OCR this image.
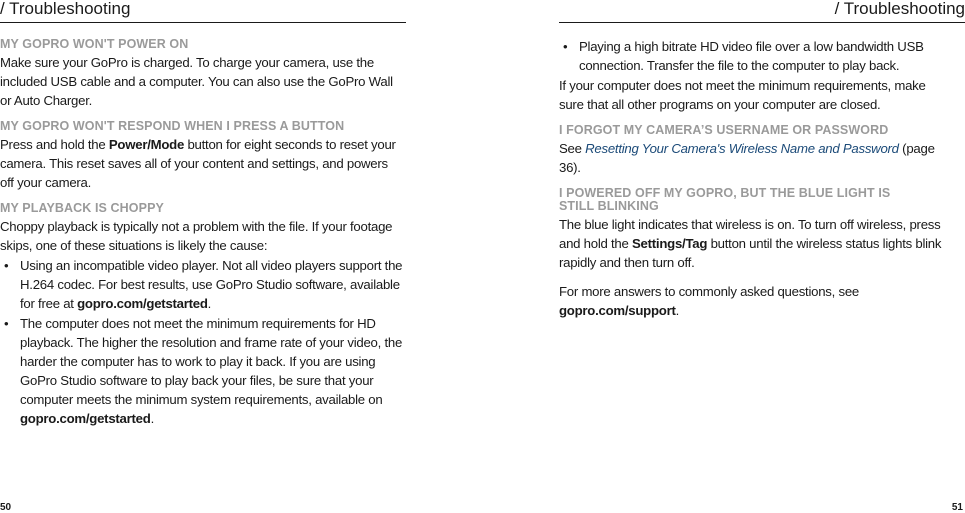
/ Troubleshooting
MY GOPRO WON'T POWER ON

Make sure your GoPro is charged. To charge your camera, use the included USB cable and a computer. You can also use the GoPro Wall or Auto Charger.

MY GOPRO WON'T RESPOND WHEN I PRESS A BUTTON

Press and hold the Power/Mode button for eight seconds to reset your camera. This reset saves all of your content and settings, and powers off your camera.

MY PLAYBACK IS CHOPPY

Choppy playback is typically not a problem with the file. If your footage skips, one of these situations is likely the cause:

• Using an incompatible video player. Not all video players support the H.264 codec. For best results, use GoPro Studio software, available for free at gopro.com/getstarted.
• The computer does not meet the minimum requirements for HD playback. The higher the resolution and frame rate of your video, the harder the computer has to work to play it back. If you are using GoPro Studio software to play back your files, be sure that your computer meets the minimum system requirements, available on gopro.com/getstarted.
50
/ Troubleshooting
• Playing a high bitrate HD video file over a low bandwidth USB connection. Transfer the file to the computer to play back.

If your computer does not meet the minimum requirements, make sure that all other programs on your computer are closed.

I FORGOT MY CAMERA’S USERNAME OR PASSWORD

See Resetting Your Camera's Wireless Name and Password (page 36).

I POWERED OFF MY GOPRO, BUT THE BLUE LIGHT IS STILL BLINKING

The blue light indicates that wireless is on. To turn off wireless, press and hold the Settings/Tag button until the wireless status lights blink rapidly and then turn off.

For more answers to commonly asked questions, see gopro.com/support.

51
